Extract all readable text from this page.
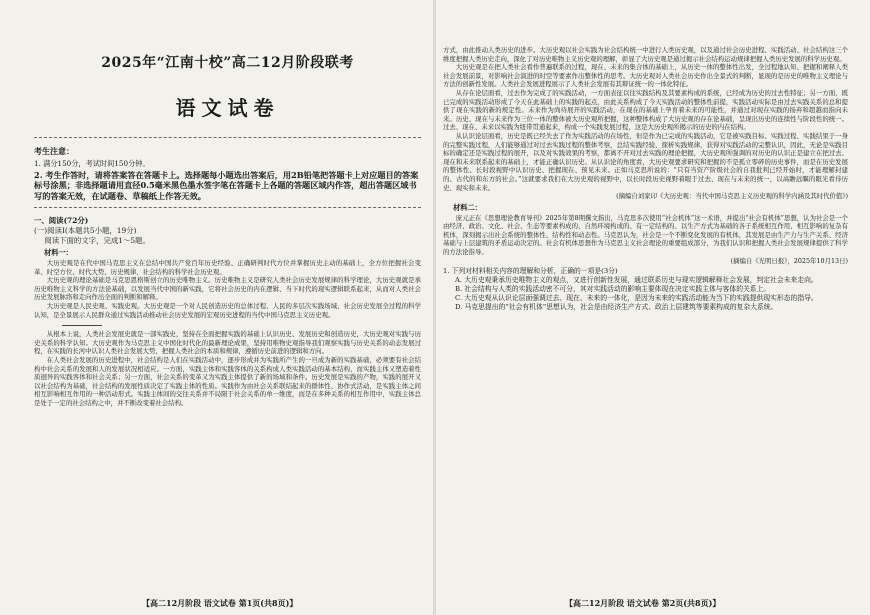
2025年“江南十校”高二12月阶段联考
语文试卷
考生注意：

1. 满分150分，考试时间150分钟。

2. 考生作答时，请将答案答在答题卡上。选择题每小题选出答案后，用2B铅笔把答题卡上对应题目的答案标号涂黑；非选择题请用直径0.5毫米黑色墨水签字笔在答题卡上各题的答题区域内作答，超出答题区域书写的答案无效，在试题卷、草稿纸上作答无效。

一、阅读(72分)

(一)阅读Ⅰ(本题共5小题，19分)

阅读下面的文字，完成1～5题。

材料一：

大历史观是在代中国马克思主义在总结中国共产党百年历史经验、正确研判时代方位并掌握历史主动的基础上，全方位把握社会变革、时空方位、时代大势、历史规律、社会结构的科学社会历史观。

大历史观的理论基础是马克思恩格斯创立的历史唯物主义。历史唯物主义是研究人类社会历史发展规律的科学理论，大历史观就是承历史唯物主义科学的方法论基础，以发展当代中国的新实践，它将社会历史的内在逻辑、当下时代的现实逻辑联系起来，从而对人类社会历史发展脉络和走向作出全面的判断和解释。

大历史观是人民史观、实践史观。大历史观是一个对人民创造历史的总体过程、人民的多层次实践场域、社会历史发展全过程的科学认知，是全景展示人民群众通过实践活动推动社会历史发展的宏观历史进程的当代中国马克思主义历史观。

从根本上说，人类社会发展史就是一部实践史，坚持在全面把握实践的基础上认识历史、发展历史和创造历史，大历史观对实践与历史关系的科学认知。大历史观作为马克思主义中国化时代化的最新理论成果，坚持用唯物史观指导我们观察实践与历史关系的动态发展过程，在实践的长河中认识人类社会发展大势，把握人类社会的本质和规律，遵循历史前进的逻辑和方向。

在人类社会发展的历史进程中，社会结构是人们在实践活动中，逐步形成并为实践所产生的一旦成为新的实践基础，必须要有社会结构中社会关系的发展和人的发展状况相适应。一方面，实践主体和实践客体的关系构成人类实践活动的基本结构，而实践主体又塑造着性质迥异的实践客体和社会关系；另一方面，社会关系的变革又为实践主体提供了新的场域和条件。历史发展是实践的产物，实践的展开又以社会结构为基础，社会结构的发展性质决定了实践主体的性质。实践作为由社会关系联结起来的群体性、协作式活动，是实践主体之间相互影响相互作用的一种活动形式。实践主体间的交往关系并不局限于社会关系的单一维度，而是在多种关系的相互作用中，实践主体总是处于一定的社会结构之中，并不断改变着社会结构。

方式，由此推动人类历史的进步。大历史观以社会实践为社会结构统一中进行人类历史观，以及通过社会历史进程、实践活动、社会结构这三个维度把握人类历史走向，深化了对历史唯物主义历史观的理解，彰显了大历史观是通过揭示社会结构运动规律把握人类历史发展的科学历史观。

大历史观是在把人类社会看作普遍联系的过程，现在、未来的集合体的基础上，从历史一体的整体性出发，全过程地认知、把握和阐释人类社会发展前景，对影响社会演进的时空等要素作出整体性的思考。大历史观对人类社会历史作出全景式的判断，显现的是历史的唯物主义理论与方法的创新性发展。人类社会发展进程展示了人类社会发展有其辩证统一的一体化特征。

从存在论层面看，过去作为完成了的实践活动，一方面表征以往实践结构及其要素构成的系统，已经成为历史的过去性特征；另一方面，既已完成的实践活动形成了今天在此基础上的实践的起点，由此关系构成了今天实践活动的整体性前提，实践活动实际是由过去实践关系的总和提供了现在实践的新的规定性。未来作为尚待展开的实践活动，在现在的基础上孕育着未来的可能性，并通过对现在实践的扬弃和超越而指向未来。历史、现在与未来作为三位一体的整体被大历史观所把握，这种整体构成了大历史观的存在论基础，呈现出历史的连续性与阶段性的统一。过去、现在、未来以实践为纽带贯通起来，构成一个实践发展过程，这是大历史观所揭示的历史的内在结构。

从认识论层面看，历史是既已经失去了作为实践活动的在场性，但是作为已完成的实践活动，它是被实践目标、实践过程、实践结果于一身的完整实践过程，人们能够通过对过去实践过程的整体考察，总结实践经验、探析实践规律，获得对实践活动的完整认识，因此，无论是实践目标的确定还是实践过程的展开，以及对实践效果的考察，都离不开对过去实践的理论把握，大历史观所强调的对历史的认识正是建立在把过去、现在和未来联系起来的基础上，才能正确认识历史。从认识论的角度看，大历史观要求研究和把握的不是孤立零碎的历史事件，而是在历史发展的整体性、长时段视野中认识历史、把握现在、预见未来。正如马克思所说的：“只有当资产阶级社会的自我批判已经开始时，才能理解封建的、古代的和东方的社会。”这就要求我们在大历史观的视野中，以长时段历史视野着眼于过去、现在与未来的统一，以高瞻远瞩的眼光看待历史、现实和未来。

(摘编自刘家印《大历史观：当代中国马克思主义历史观的科学内涵及其时代价值》)

材料二：

庞元正在《思想理论教育导刊》2025年第8期撰文指出，马克思多次使用“社会机体”这一术语，并提出“社会有机体”思想，认为社会是一个由经济、政治、文化、社会、生态等要素构成的、自然环境构成的、有一定结构的、以生产方式为基础的各子系统相互作用、相互影响的复杂有机体，深刻揭示出社会系统的整体性、结构性和动态性。马克思认为，社会是一个不断变化发展的有机体，其发展是由生产力与生产关系、经济基础与上层建筑的矛盾运动决定的。社会有机体思想作为马克思主义社会理论的重要组成部分，为我们认识和把握人类社会发展规律提供了科学的方法论指导。

(摘编自《光明日报》，2025年10月13日)

1. 下列对材料相关内容的理解和分析，正确的一项是(3分)

A. 大历史观秉承历史唯物主义的观点，又进行创新性发展，通过联系历史与现实逻辑解释社会发展，判定社会未来走向。

B. 社会结构与人类的实践活动密不可分，其对实践活动的影响主要体现在决定实践主体与客体的关系上。

C. 大历史观从认识论层面强调过去、现在、未来的一体化，是因为未来的实践活动能为当下的实践提供现实形态的指导。

D. 马克思提出的“社会有机体”思想认为，社会是由经济生产方式、政治上层建筑等要素构成的复杂大系统。

【高二12月阶段 语文试卷 第1页(共8页)】	【高二12月阶段 语文试卷 第2页(共8页)】
